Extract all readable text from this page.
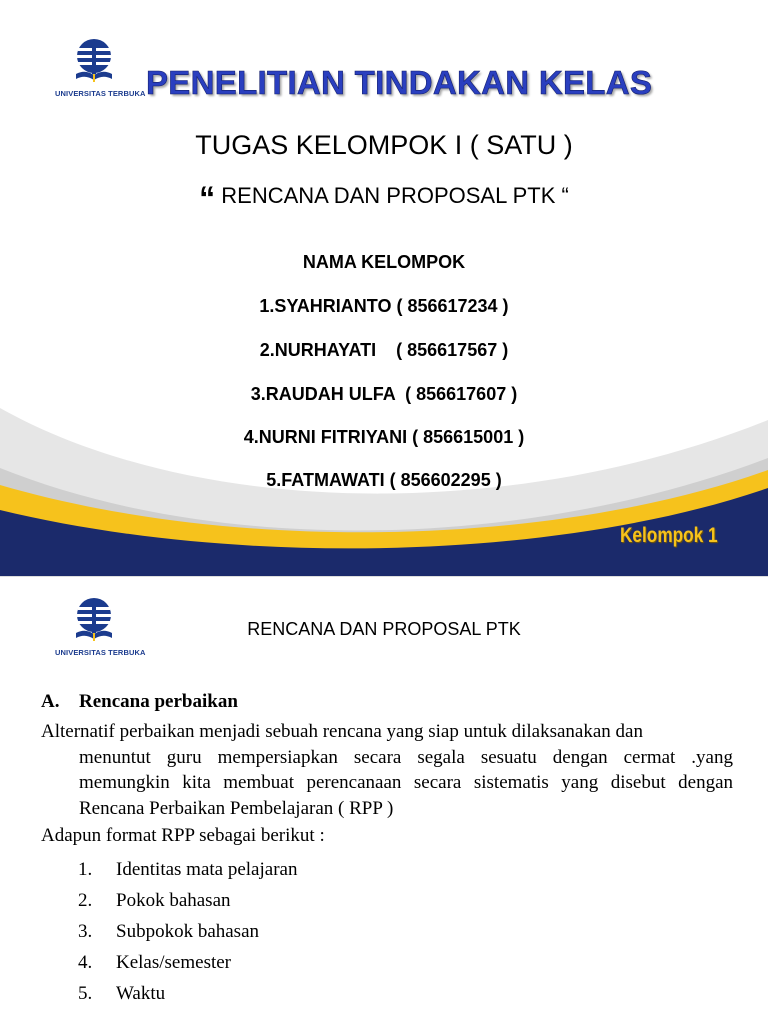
UNIVERSITAS TERBUKA PENELITIAN TINDAKAN KELAS
TUGAS KELOMPOK I ( SATU )
“ RENCANA DAN PROPOSAL PTK “
NAMA KELOMPOK
1.SYAHRIANTO ( 856617234 )
2.NURHAYATI    ( 856617567 )
3.RAUDAH ULFA  ( 856617607 )
4.NURNI FITRIYANI ( 856615001 )
5.FATMAWATI ( 856602295 )
Kelompok 1
UNIVERSITAS TERBUKA
RENCANA DAN PROPOSAL PTK
A. Rencana perbaikan
Alternatif perbaikan menjadi sebuah rencana yang siap untuk dilaksanakan dan
menuntut guru mempersiapkan secara segala sesuatu dengan cermat .yang memungkin kita membuat perencanaan secara sistematis yang disebut dengan Rencana Perbaikan Pembelajaran ( RPP )
Adapun format RPP sebagai berikut :
1. Identitas mata pelajaran
2. Pokok bahasan
3. Subpokok bahasan
4. Kelas/semester
5. Waktu
